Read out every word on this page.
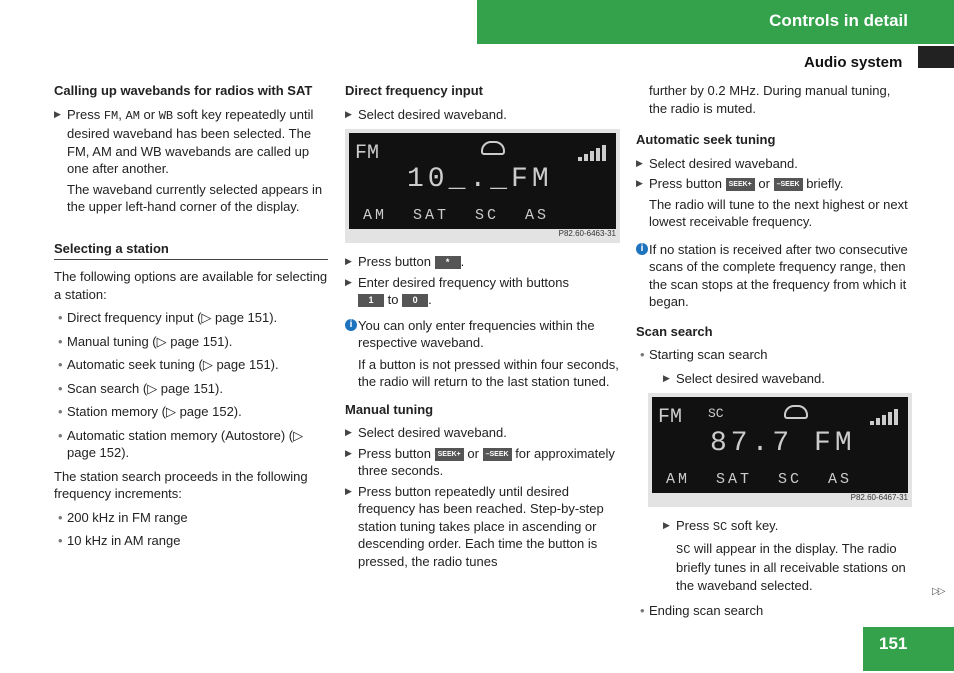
Controls in detail
Audio system
Calling up wavebands for radios with SAT
▶ Press FM, AM or WB soft key repeatedly until desired waveband has been selected. The FM, AM and WB wavebands are called up one after another.
The waveband currently selected appears in the upper left-hand corner of the display.
Selecting a station
The following options are available for selecting a station:
• Direct frequency input (▷ page 151).
• Manual tuning (▷ page 151).
• Automatic seek tuning (▷ page 151).
• Scan search (▷ page 151).
• Station memory (▷ page 152).
• Automatic station memory (Autostore) (▷ page 152).
The station search proceeds in the following frequency increments:
• 200 kHz in FM range
• 10 kHz in AM range
Direct frequency input
▶ Select desired waveband.
FM
10_._FM
AM SAT SC AS
P82.60-6463-31
▶ Press button * .
▶ Enter desired frequency with buttons
1 to 0 .
i You can only enter frequencies within the respective waveband.
If a button is not pressed within four seconds, the radio will return to the last station tuned.
Manual tuning
▶ Select desired waveband.
▶ Press button SEEK+ or –SEEK for approximately three seconds.
▶ Press button repeatedly until desired frequency has been reached. Step-by-step station tuning takes place in ascending or descending order. Each time the button is pressed, the radio tunes
further by 0.2 MHz. During manual tuning, the radio is muted.
Automatic seek tuning
▶ Select desired waveband.
▶ Press button SEEK+ or –SEEK briefly.
The radio will tune to the next highest or next lowest receivable frequency.
i If no station is received after two consecutive scans of the complete frequency range, then the scan stops at the frequency from which it began.
Scan search
• Starting scan search
▶ Select desired waveband.
FM SC
87.7 FM
AM SAT SC AS
P82.60-6467-31
▶ Press SC soft key.
SC will appear in the display. The radio briefly tunes in all receivable stations on the waveband selected.
• Ending scan search
▷▷
151
